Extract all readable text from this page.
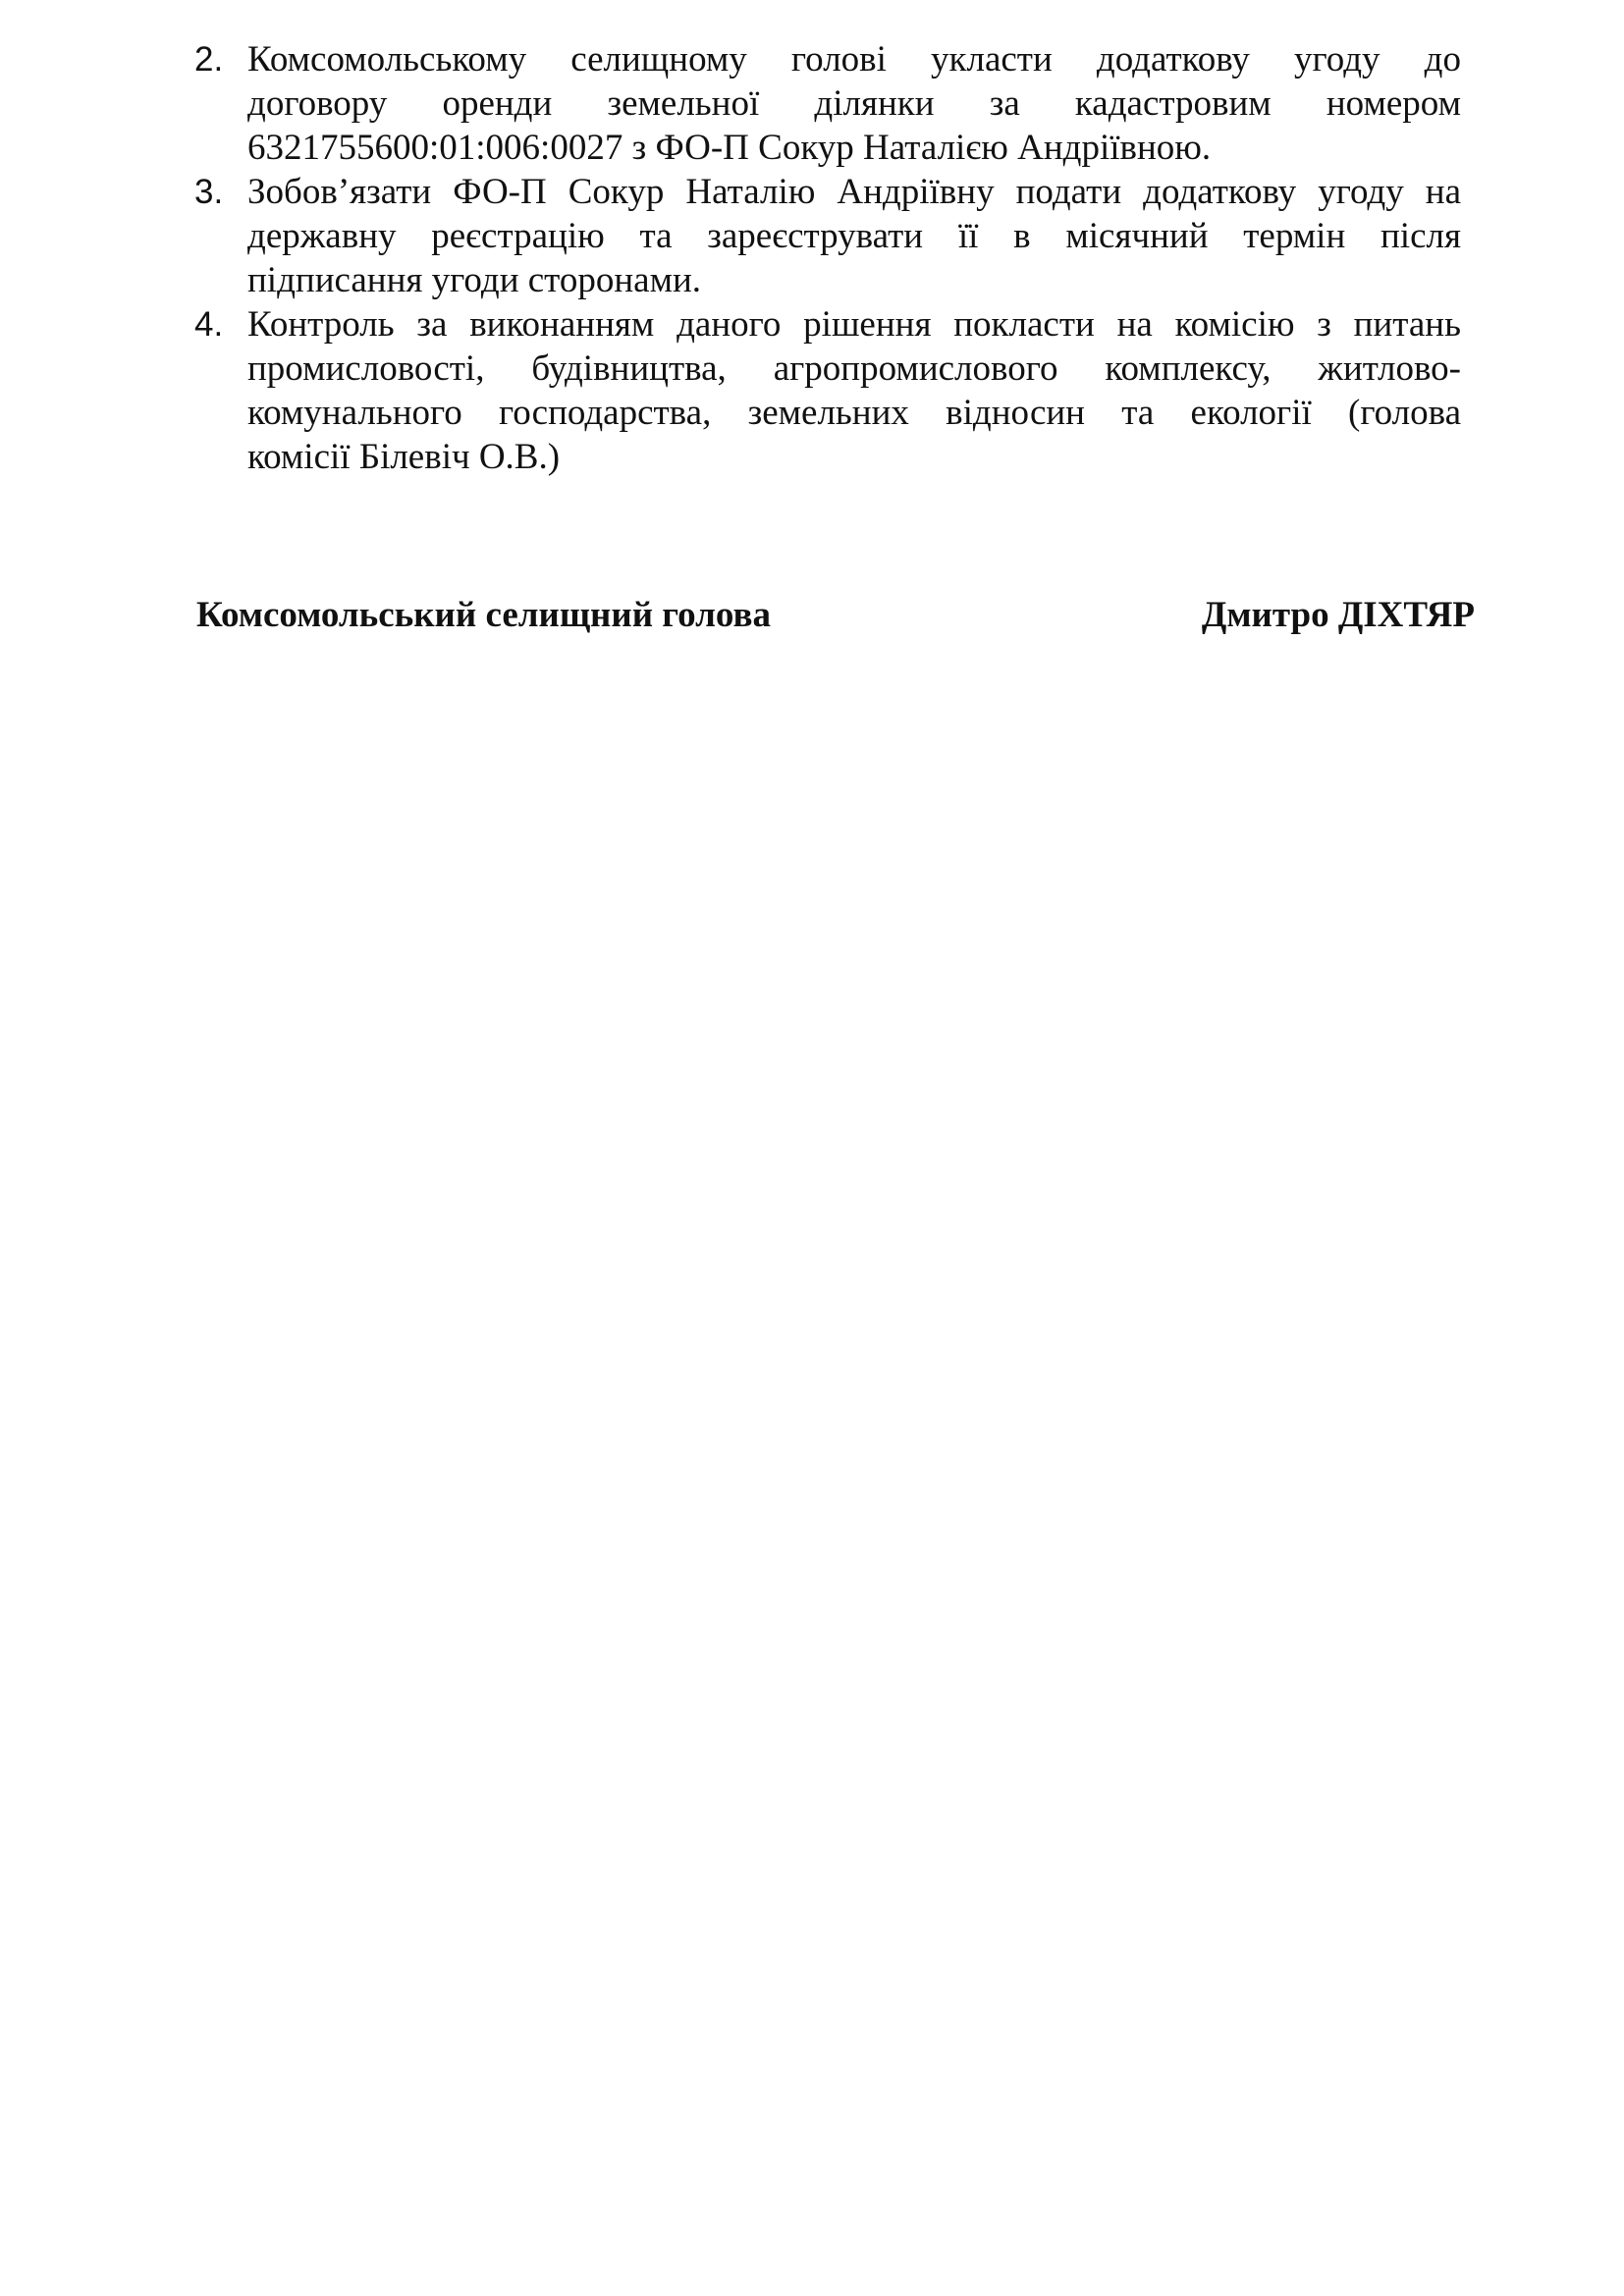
2. Комсомольському селищному голові укласти додаткову угоду до
договору оренди земельної ділянки за кадастровим номером
6321755600:01:006:0027 з ФО-П Сокур Наталією Андріївною.
3. Зобов’язати ФО-П Сокур Наталію Андріївну подати додаткову угоду на
державну реєстрацію та зареєструвати її в місячний термін після
підписання угоди сторонами.
4. Контроль за виконанням даного рішення покласти на комісію з питань
промисловості, будівництва, агропромислового комплексу, житлово-
комунального господарства, земельних відносин та екології (голова
комісії Білевіч О.В.)
Комсомольський селищний голова	Дмитро ДІХТЯР
